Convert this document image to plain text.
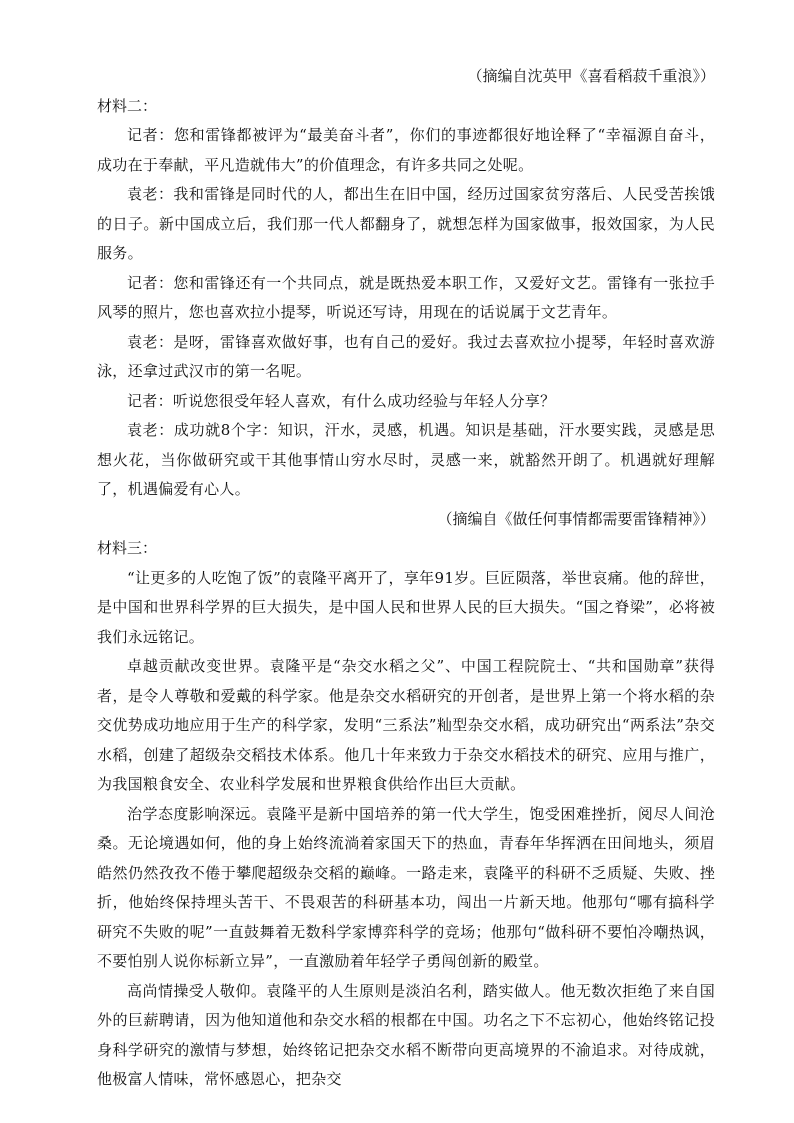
（摘编自沈英甲《喜看稻菽千重浪》）

材料二：

记者：您和雷锋都被评为“最美奋斗者”，你们的事迹都很好地诠释了“幸福源自奋斗，成功在于奉献，平凡造就伟大”的价值理念，有许多共同之处呢。

袁老：我和雷锋是同时代的人，都出生在旧中国，经历过国家贫穷落后、人民受苦挨饿的日子。新中国成立后，我们那一代人都翻身了，就想怎样为国家做事，报效国家，为人民服务。

记者：您和雷锋还有一个共同点，就是既热爱本职工作，又爱好文艺。雷锋有一张拉手风琴的照片，您也喜欢拉小提琴，听说还写诗，用现在的话说属于文艺青年。

袁老：是呀，雷锋喜欢做好事，也有自己的爱好。我过去喜欢拉小提琴，年轻时喜欢游泳，还拿过武汉市的第一名呢。

记者：听说您很受年轻人喜欢，有什么成功经验与年轻人分享？

袁老：成功就8个字：知识，汗水，灵感，机遇。知识是基础，汗水要实践，灵感是思想火花，当你做研究或干其他事情山穷水尽时，灵感一来，就豁然开朗了。机遇就好理解了，机遇偏爱有心人。

（摘编自《做任何事情都需要雷锋精神》）

材料三：

“让更多的人吃饱了饭”的袁隆平离开了，享年91岁。巨匠陨落，举世哀痛。他的辞世，是中国和世界科学界的巨大损失，是中国人民和世界人民的巨大损失。“国之脊梁”，必将被我们永远铭记。

卓越贡献改变世界。袁隆平是“杂交水稻之父”、中国工程院院士、“共和国勋章”获得者，是令人尊敬和爱戴的科学家。他是杂交水稻研究的开创者，是世界上第一个将水稻的杂交优势成功地应用于生产的科学家，发明“三系法”籼型杂交水稻，成功研究出“两系法”杂交水稻，创建了超级杂交稻技术体系。他几十年来致力于杂交水稻技术的研究、应用与推广，为我国粮食安全、农业科学发展和世界粮食供给作出巨大贡献。

治学态度影响深远。袁隆平是新中国培养的第一代大学生，饱受困难挫折，阅尽人间沧桑。无论境遇如何，他的身上始终流淌着家国天下的热血，青春年华挥洒在田间地头，须眉皓然仍然孜孜不倦于攀爬超级杂交稻的巅峰。一路走来，袁隆平的科研不乏质疑、失败、挫折，他始终保持埋头苦干、不畏艰苦的科研基本功，闯出一片新天地。他那句“哪有搞科学研究不失败的呢”一直鼓舞着无数科学家博弈科学的竞场；他那句“做科研不要怕冷嘲热讽，不要怕别人说你标新立异”，一直激励着年轻学子勇闯创新的殿堂。

高尚情操受人敬仰。袁隆平的人生原则是淡泊名利，踏实做人。他无数次拒绝了来自国外的巨薪聘请，因为他知道他和杂交水稻的根都在中国。功名之下不忘初心，他始终铭记投身科学研究的激情与梦想，始终铭记把杂交水稻不断带向更高境界的不渝追求。对待成就，他极富人情味，常怀感恩心，把杂交
